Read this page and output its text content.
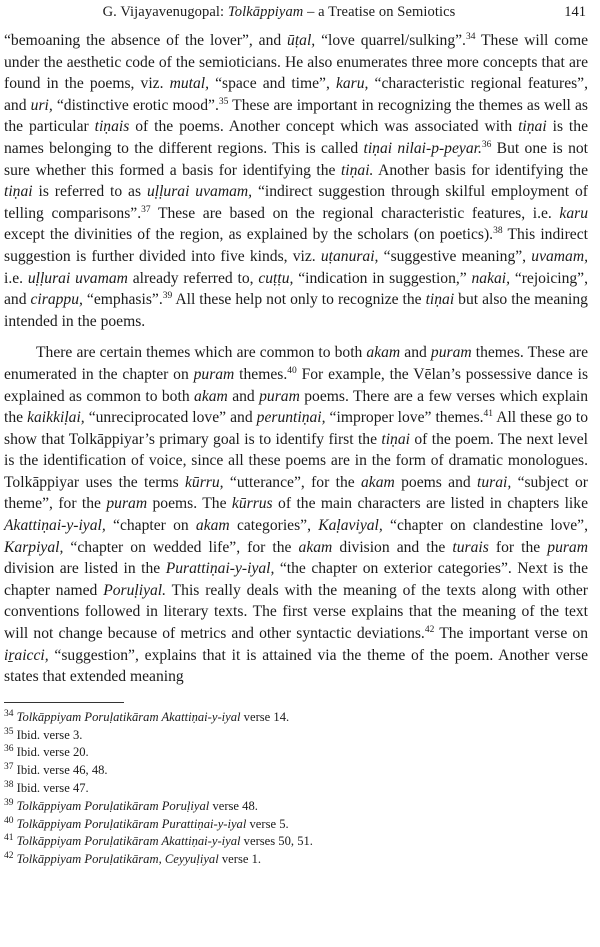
G. Vijayavenugopal: Tolkāppiyam – a Treatise on Semiotics	141

“bemoaning the absence of the lover”, and ūṭal, “love quarrel/sulking”.$^{34}$ These will come under the aesthetic code of the semioticians. He also enumerates three more concepts that are found in the poems, viz. mutal, “space and time”, karu, “characteristic regional features”, and uri, “distinctive erotic mood”.$^{35}$ These are important in recognizing the themes as well as the particular tiṇais of the poems. Another concept which was associated with tiṇai is the names belonging to the different regions. This is called tiṇai nilai-p-peyar.$^{36}$ But one is not sure whether this formed a basis for identifying the tiṇai. Another basis for identifying the tiṇai is referred to as uḷḷurai uvamam, “indirect suggestion through skilful employment of telling comparisons”.$^{37}$ These are based on the regional characteristic features, i.e. karu except the divinities of the region, as explained by the scholars (on poetics).$^{38}$ This indirect suggestion is further divided into five kinds, viz. uṭanurai, “suggestive meaning”, uvamam, i.e. uḷḷurai uvamam already referred to, cuṭṭu, “indication in suggestion,” nakai, “rejoicing”, and cirappu, “emphasis”.$^{39}$ All these help not only to recognize the tiṇai but also the meaning intended in the poems.

There are certain themes which are common to both akam and puram themes. These are enumerated in the chapter on puram themes.$^{40}$ For example, the Vēlan’s possessive dance is explained as common to both akam and puram poems. There are a few verses which explain the kaikkiḷai, “unreciprocated love” and peruntiṇai, “improper love” themes.$^{41}$ All these go to show that Tolkāppiyar’s primary goal is to identify first the tiṇai of the poem. The next level is the identification of voice, since all these poems are in the form of dramatic monologues. Tolkāppiyar uses the terms kūrru, “utterance”, for the akam poems and turai, “subject or theme”, for the puram poems. The kūrrus of the main characters are listed in chapters like Akattiṇai-y-iyal, “chapter on akam categories”, Kaḷaviyal, “chapter on clandestine love”, Karpiyal, “chapter on wedded life”, for the akam division and the turais for the puram division are listed in the Purattiṇai-y-iyal, “the chapter on exterior categories”. Next is the chapter named Poruḷiyal. This really deals with the meaning of the texts along with other conventions followed in literary texts. The first verse explains that the meaning of the text will not change because of metrics and other syntactic deviations.$^{42}$ The important verse on iṟaicci, “suggestion”, explains that it is attained via the theme of the poem. Another verse states that extended meaning

$^{34}$ Tolkāppiyam Poruḷatikāram Akattiṇai-y-iyal verse 14.
$^{35}$ Ibid. verse 3.
$^{36}$ Ibid. verse 20.
$^{37}$ Ibid. verse 46, 48.
$^{38}$ Ibid. verse 47.
$^{39}$ Tolkāppiyam Poruḷatikāram Poruḷiyal verse 48.
$^{40}$ Tolkāppiyam Poruḷatikāram Purattiṇai-y-iyal verse 5.
$^{41}$ Tolkāppiyam Poruḷatikāram Akattiṇai-y-iyal verses 50, 51.
$^{42}$ Tolkāppiyam Poruḷatikāram, Ceyyuḷiyal verse 1.
